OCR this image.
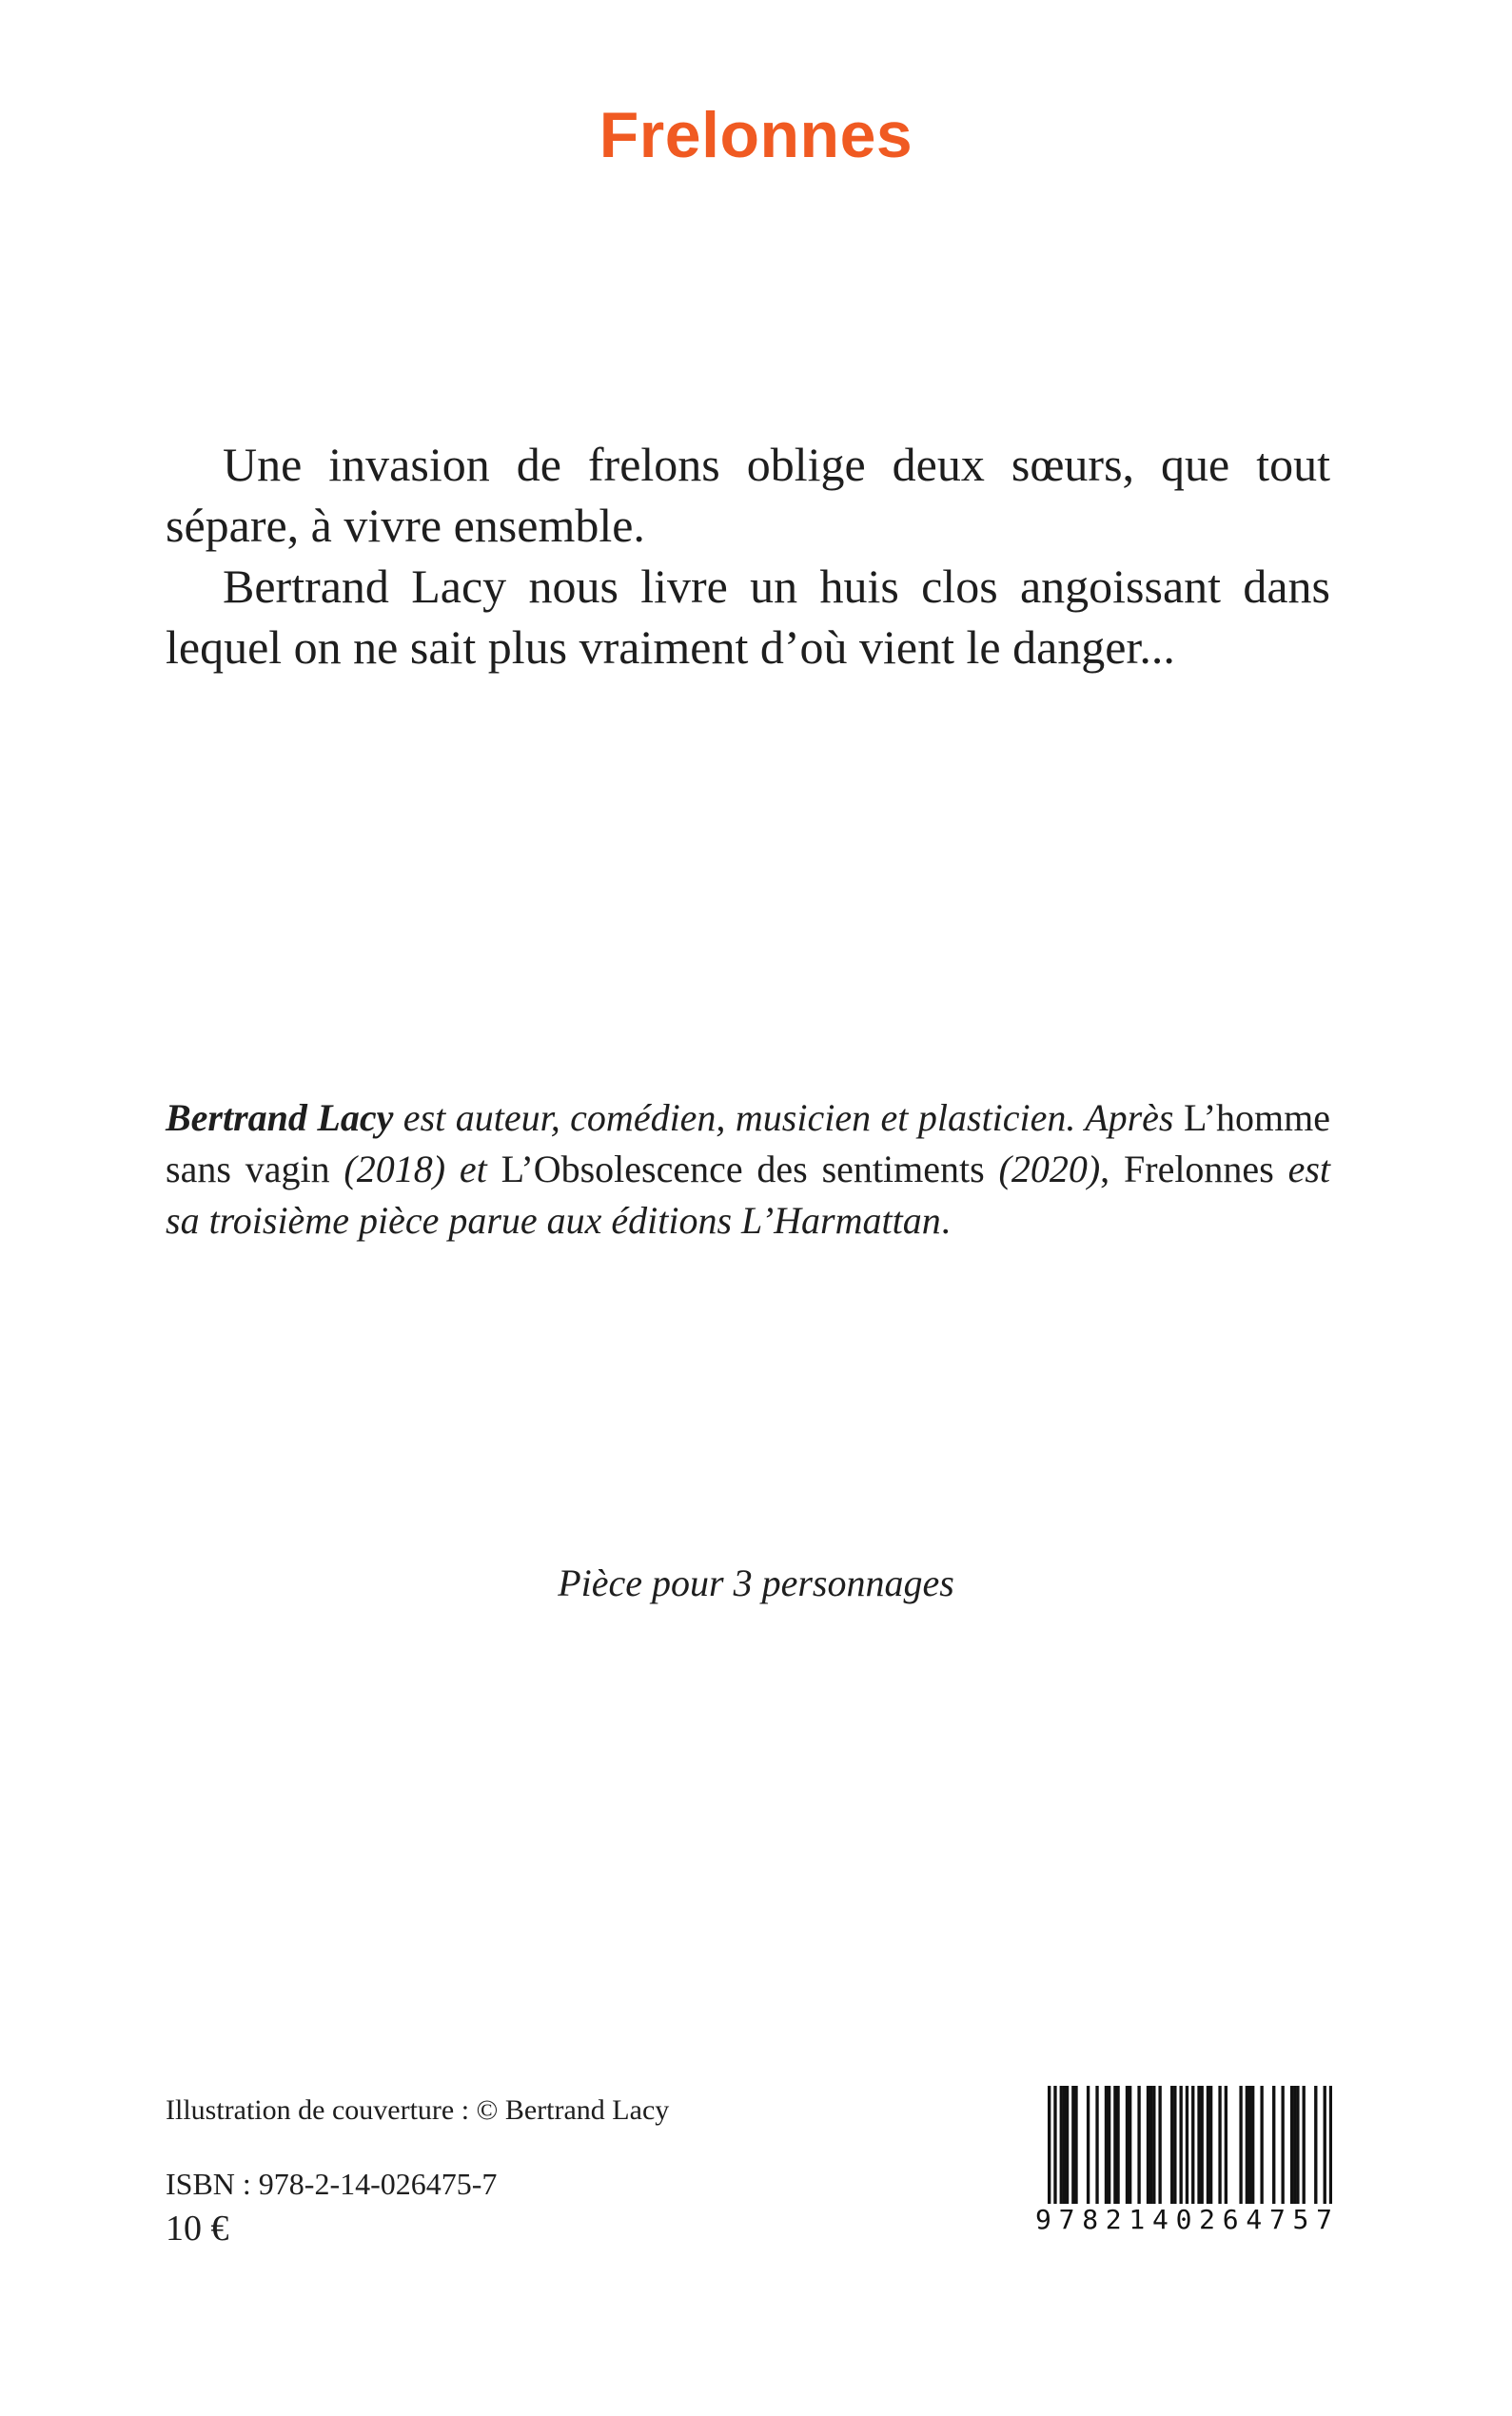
Frelonnes

Une invasion de frelons oblige deux sœurs, que tout sépare, à vivre ensemble.

Bertrand Lacy nous livre un huis clos angoissant dans lequel on ne sait plus vraiment d’où vient le danger...

Bertrand Lacy est auteur, comédien, musicien et plasticien. Après L’homme sans vagin (2018) et L’Obsolescence des sentiments (2020), Frelonnes est sa troisième pièce parue aux éditions L’Harmattan.

Pièce pour 3 personnages

Illustration de couverture : © Bertrand Lacy

ISBN : 978-2-14-026475-7

10 €	9 7 8 2 1 4 0 2 6 4 7 5 7
